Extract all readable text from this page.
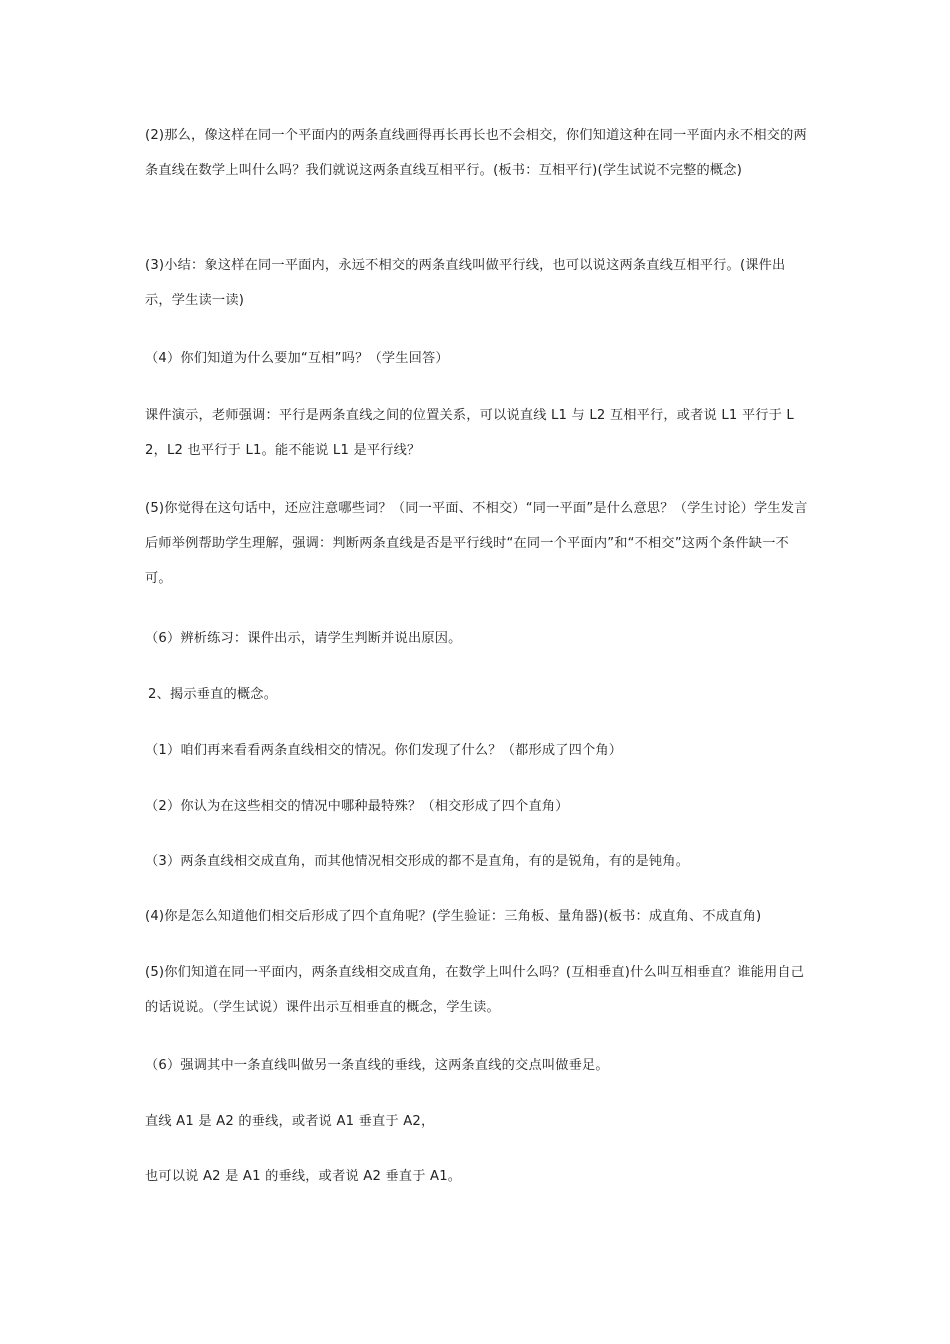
(2)那么，像这样在同一个平面内的两条直线画得再长再长也不会相交，你们知道这种在同一平面内永不相交的两条直线在数学上叫什么吗？我们就说这两条直线互相平行。(板书：互相平行)(学生试说不完整的概念)

(3)小结：象这样在同一平面内，永远不相交的两条直线叫做平行线，也可以说这两条直线互相平行。(课件出示，学生读一读)

（4）你们知道为什么要加“互相”吗？（学生回答）

课件演示，老师强调：平行是两条直线之间的位置关系，可以说直线 L1 与 L2 互相平行，或者说 L1 平行于 L2，L2 也平行于 L1。能不能说 L1 是平行线？

(5)你觉得在这句话中，还应注意哪些词？（同一平面、不相交）“同一平面”是什么意思？（学生讨论）学生发言后师举例帮助学生理解，强调：判断两条直线是否是平行线时“在同一个平面内”和“不相交”这两个条件缺一不可。

（6）辨析练习：课件出示，请学生判断并说出原因。

2、揭示垂直的概念。

（1）咱们再来看看两条直线相交的情况。你们发现了什么？（都形成了四个角）

（2）你认为在这些相交的情况中哪种最特殊？（相交形成了四个直角）

（3）两条直线相交成直角，而其他情况相交形成的都不是直角，有的是锐角，有的是钝角。

(4)你是怎么知道他们相交后形成了四个直角呢？(学生验证：三角板、量角器)(板书：成直角、不成直角)

(5)你们知道在同一平面内，两条直线相交成直角，在数学上叫什么吗？(互相垂直)什么叫互相垂直？谁能用自己的话说说。（学生试说）课件出示互相垂直的概念，学生读。

（6）强调其中一条直线叫做另一条直线的垂线，这两条直线的交点叫做垂足。

直线 A1 是 A2 的垂线，或者说 A1 垂直于 A2，

也可以说 A2 是 A1 的垂线，或者说 A2 垂直于 A1。
